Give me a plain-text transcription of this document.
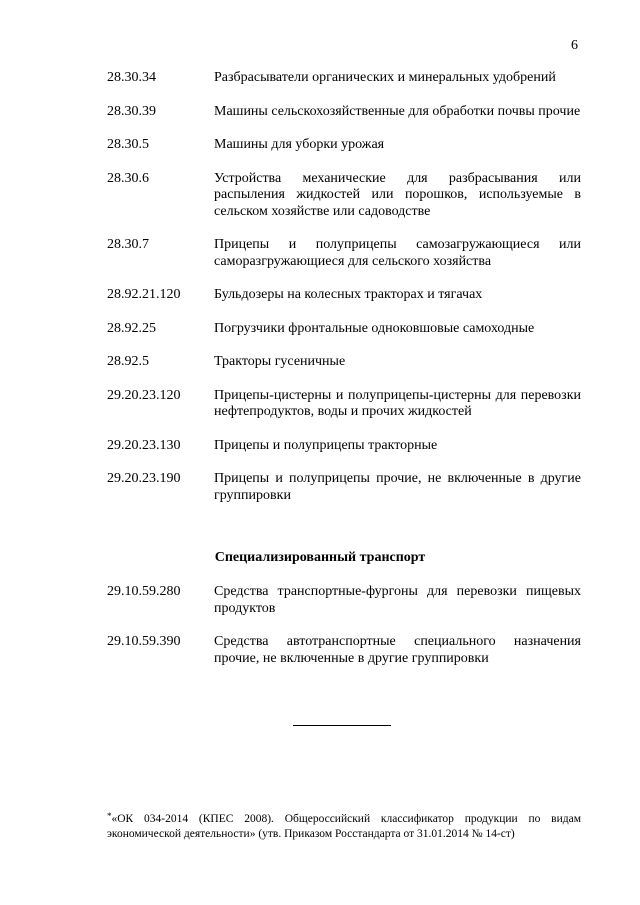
6
28.30.34	Разбрасыватели органических и минеральных удобрений
28.30.39	Машины сельскохозяйственные для обработки почвы прочие
28.30.5	Машины для уборки урожая
28.30.6	Устройства механические для разбрасывания или распыления жидкостей или порошков, используемые в сельском хозяйстве или садоводстве
28.30.7	Прицепы и полуприцепы самозагружающиеся или саморазгружающиеся для сельского хозяйства
28.92.21.120	Бульдозеры на колесных тракторах и тягачах
28.92.25	Погрузчики фронтальные одноковшовые самоходные
28.92.5	Тракторы гусеничные
29.20.23.120	Прицепы-цистерны и полуприцепы-цистерны для перевозки нефтепродуктов, воды и прочих жидкостей
29.20.23.130	Прицепы и полуприцепы тракторные
29.20.23.190	Прицепы и полуприцепы прочие, не включенные в другие группировки
Специализированный транспорт
29.10.59.280	Средства транспортные-фургоны для перевозки пищевых продуктов
29.10.59.390	Средства автотранспортные специального назначения прочие, не включенные в другие группировки
*«ОК 034-2014 (КПЕС 2008). Общероссийский классификатор продукции по видам экономической деятельности» (утв. Приказом Росстандарта от 31.01.2014 № 14-ст)
